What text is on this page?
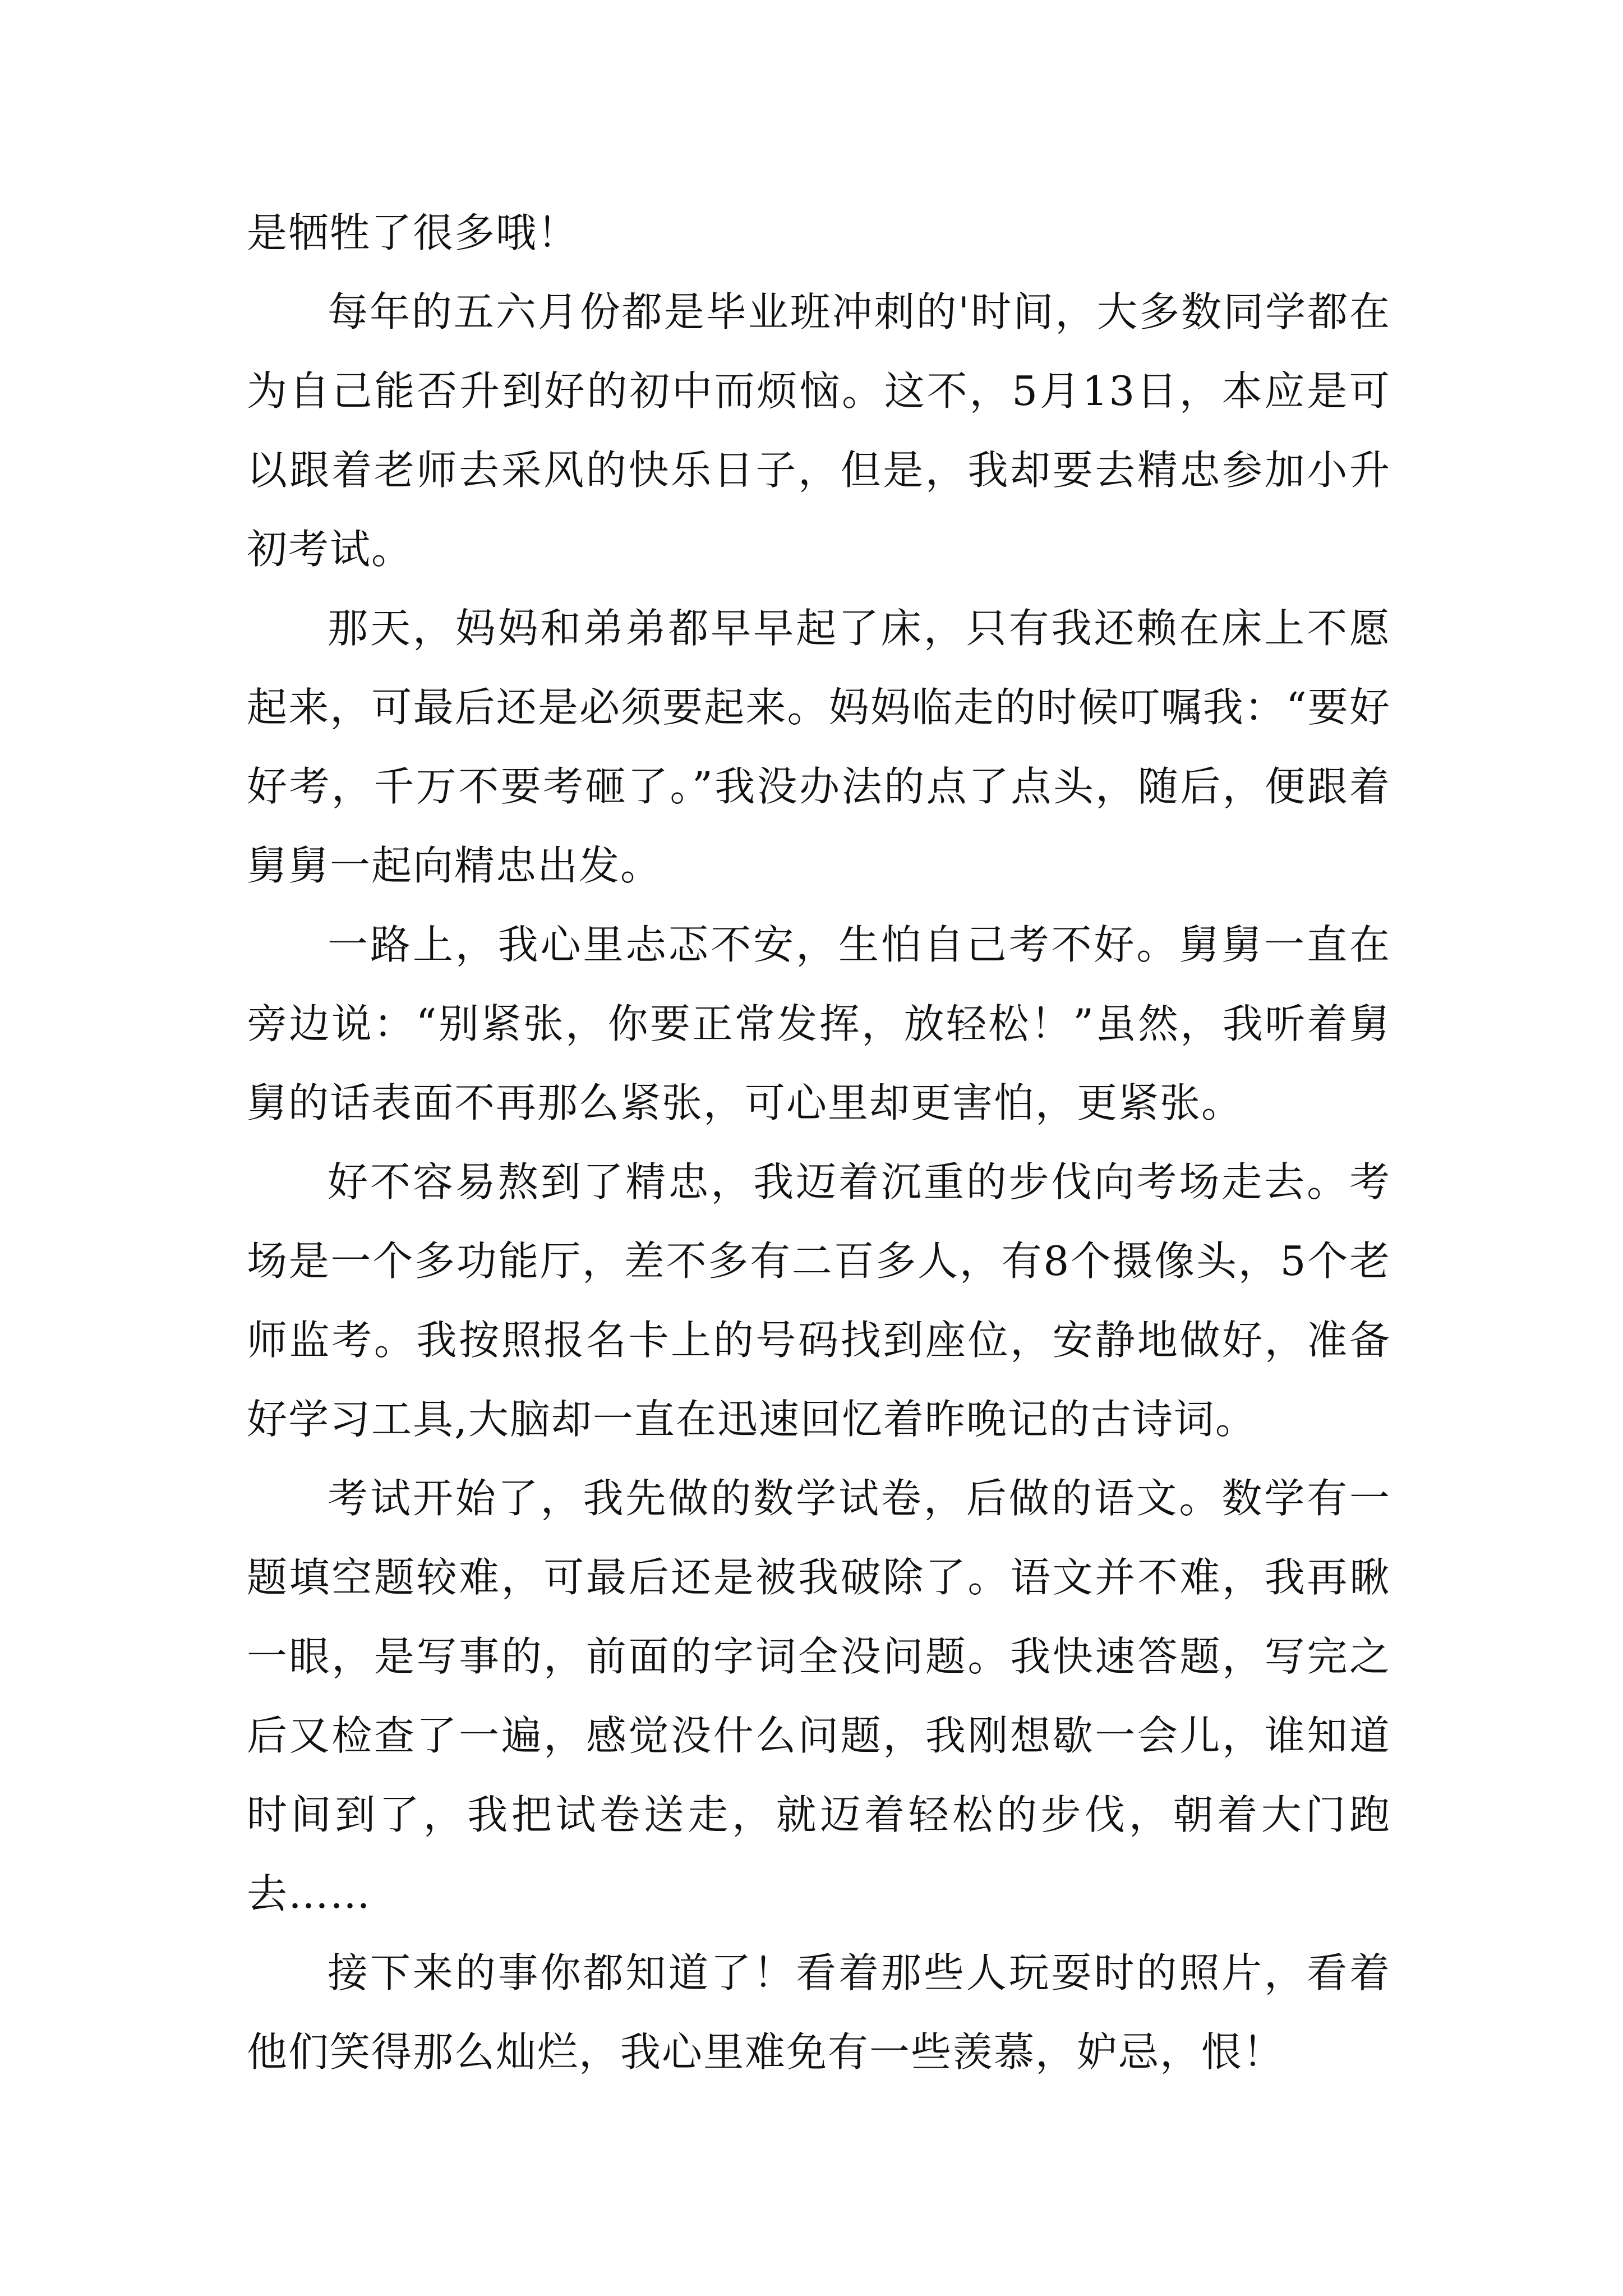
是牺牲了很多哦！

每年的五六月份都是毕业班冲刺的'时间，大多数同学都在为自己能否升到好的初中而烦恼。这不，5月13日，本应是可以跟着老师去采风的快乐日子，但是，我却要去精忠参加小升初考试。

那天，妈妈和弟弟都早早起了床，只有我还赖在床上不愿起来，可最后还是必须要起来。妈妈临走的时候叮嘱我：“要好好考，千万不要考砸了。”我没办法的点了点头，随后，便跟着舅舅一起向精忠出发。

一路上，我心里忐忑不安，生怕自己考不好。舅舅一直在旁边说：“别紧张，你要正常发挥，放轻松！”虽然，我听着舅舅的话表面不再那么紧张，可心里却更害怕，更紧张。

好不容易熬到了精忠，我迈着沉重的步伐向考场走去。考场是一个多功能厅，差不多有二百多人，有8个摄像头，5个老师监考。我按照报名卡上的号码找到座位，安静地做好，准备好学习工具,大脑却一直在迅速回忆着昨晚记的古诗词。

考试开始了，我先做的数学试卷，后做的语文。数学有一题填空题较难，可最后还是被我破除了。语文并不难，我再瞅一眼，是写事的，前面的字词全没问题。我快速答题，写完之后又检查了一遍，感觉没什么问题，我刚想歇一会儿，谁知道时间到了，我把试卷送走，就迈着轻松的步伐，朝着大门跑去……

接下来的事你都知道了！看着那些人玩耍时的照片，看着他们笑得那么灿烂，我心里难免有一些羡慕，妒忌，恨！
